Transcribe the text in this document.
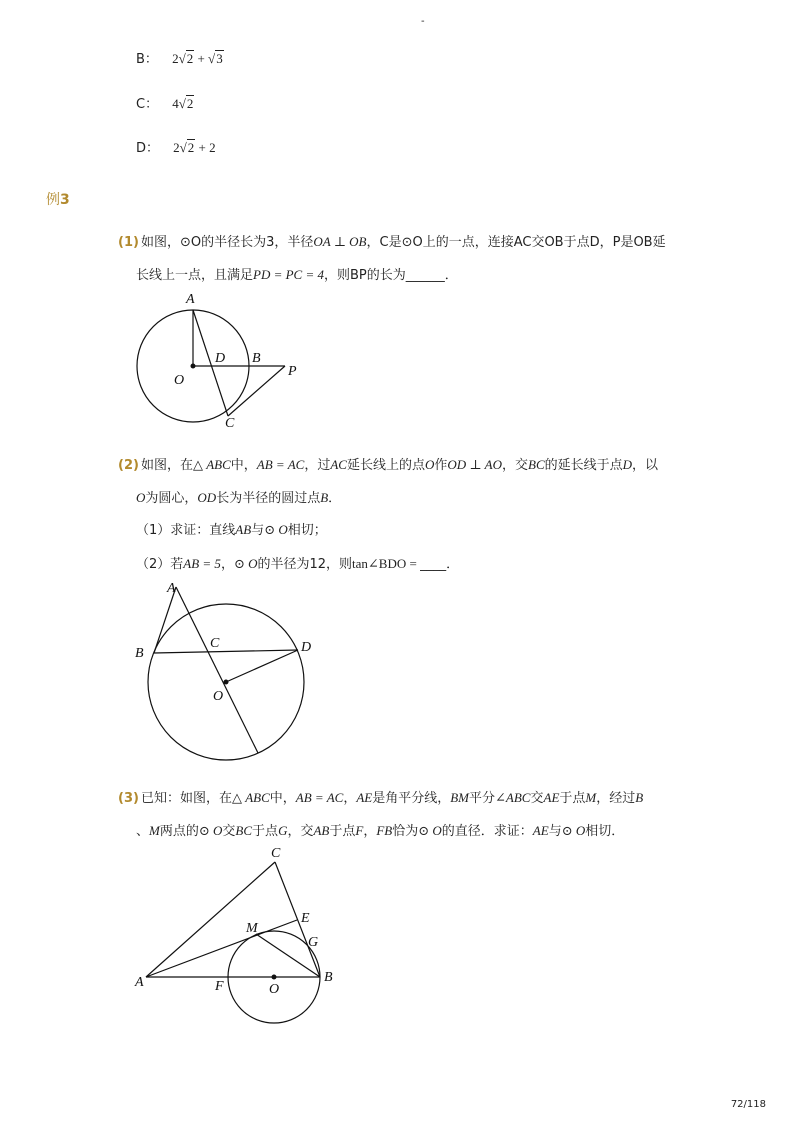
-
B： 2√2 + √3
C： 4√2
D： 2√2 + 2
例3
(1) 如图，⊙O的半径长为3，半径OA ⊥ OB，C是⊙O上的一点，连接AC交OB于点D，P是OB延
长线上一点，且满足PD = PC = 4，则BP的长为______．
A
D B
P
O
C
(2) 如图，在△ ABC中，AB = AC，过AC延长线上的点O作OD ⊥ AO，交BC的延长线于点D，以
O为圆心，OD长为半径的圆过点B．
（1）求证：直线AB与⊙ O相切；
（2）若AB = 5，⊙ O的半径为12，则tan∠BDO = ____．
A
B
C	D
O
(3) 已知：如图，在△ ABC中，AB = AC，AE是角平分线，BM平分∠ABC交AE于点M，经过B
、M两点的⊙ O交BC于点G，交AB于点F，FB恰为⊙ O的直径．求证：AE与⊙ O相切．
C
E
M
G
A	F	O
B
72/118
